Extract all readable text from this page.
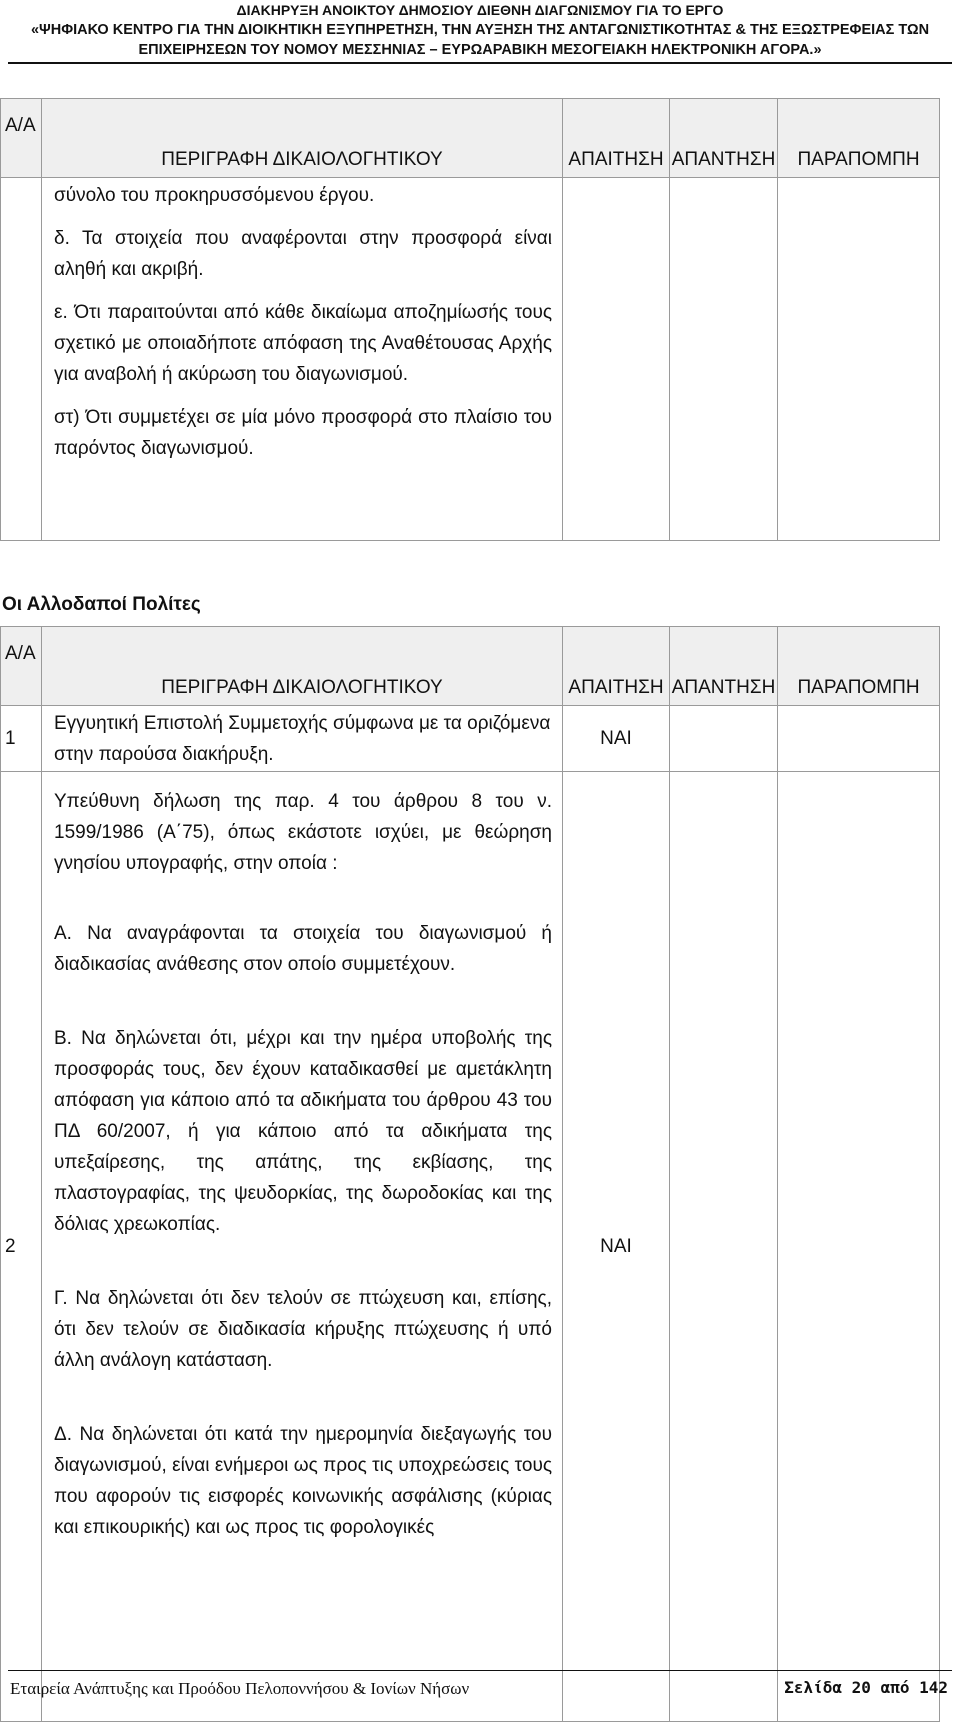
ΔΙΑΚΗΡΥΞΗ ΑΝΟΙΚΤΟΥ ΔΗΜΟΣΙΟΥ ΔΙΕΘΝΗ ΔΙΑΓΩΝΙΣΜΟΥ ΓΙΑ ΤΟ ΕΡΓΟ
«ΨΗΦΙΑΚΟ ΚΕΝΤΡΟ ΓΙΑ ΤΗΝ ΔΙΟΙΚΗΤΙΚΗ ΕΞΥΠΗΡΕΤΗΣΗ, ΤΗΝ ΑΥΞΗΣΗ ΤΗΣ ΑΝΤΑΓΩΝΙΣΤΙΚΟΤΗΤΑΣ & ΤΗΣ ΕΞΩΣΤΡΕΦΕΙΑΣ ΤΩΝ
ΕΠΙΧΕΙΡΗΣΕΩΝ ΤΟΥ ΝΟΜΟΥ ΜΕΣΣΗΝΙΑΣ – ΕΥΡΩΑΡΑΒΙΚΗ ΜΕΣΟΓΕΙΑΚΗ ΗΛΕΚΤΡΟΝΙΚΗ ΑΓΟΡΑ.»
Α/Α	ΠΕΡΙΓΡΑΦΗ ΔΙΚΑΙΟΛΟΓΗΤΙΚΟΥ	ΑΠΑΙΤΗΣΗ	ΑΠΑΝΤΗΣΗ	ΠΑΡΑΠΟΜΠΗ

	σύνολο του προκηρυσσόμενου έργου.

δ. Τα στοιχεία που αναφέρονται στην προσφορά είναι αληθή και ακριβή.

ε. Ότι παραιτούνται από κάθε δικαίωμα αποζημίωσής τους σχετικό με οποιαδήποτε απόφαση της Αναθέτουσας Αρχής για αναβολή ή ακύρωση του διαγωνισμού.

στ) Ότι συμμετέχει σε μία μόνο προσφορά στο πλαίσιο του παρόντος διαγωνισμού.			

Οι Αλλοδαποί Πολίτες
Α/Α	ΠΕΡΙΓΡΑΦΗ ΔΙΚΑΙΟΛΟΓΗΤΙΚΟΥ	ΑΠΑΙΤΗΣΗ	ΑΠΑΝΤΗΣΗ	ΠΑΡΑΠΟΜΠΗ
1	Εγγυητική Επιστολή Συμμετοχής σύμφωνα με τα οριζόμενα στην παρούσα διακήρυξη.	ΝΑΙ		
2	Υπεύθυνη δήλωση της παρ. 4 του άρθρου 8 του ν. 1599/1986 (Α΄75), όπως εκάστοτε ισχύει, με θεώρηση γνησίου υπογραφής, στην οποία :

Α. Να αναγράφονται τα στοιχεία του διαγωνισμού ή διαδικασίας ανάθεσης στον οποίο συμμετέχουν.

Β. Να δηλώνεται ότι, μέχρι και την ημέρα υποβολής της προσφοράς τους, δεν έχουν καταδικασθεί με αμετάκλητη απόφαση για κάποιο από τα αδικήματα του άρθρου 43 του ΠΔ 60/2007, ή για κάποιο από τα αδικήματα της υπεξαίρεσης, της απάτης, της εκβίασης, της πλαστογραφίας, της ψευδορκίας, της δωροδοκίας και της δόλιας χρεωκοπίας.

Γ. Να δηλώνεται ότι δεν τελούν σε πτώχευση και, επίσης, ότι δεν τελούν σε διαδικασία κήρυξης πτώχευσης ή υπό άλλη ανάλογη κατάσταση.

Δ. Να δηλώνεται ότι κατά την ημερομηνία διεξαγωγής του διαγωνισμού, είναι ενήμεροι ως προς τις υποχρεώσεις τους που αφορούν τις εισφορές κοινωνικής ασφάλισης (κύριας και επικουρικής) και ως προς τις φορολογικές	ΝΑΙ		
Εταιρεία Ανάπτυξης και Προόδου Πελοποννήσου & Ιονίων Νήσων	Σελίδα 20 από 142
